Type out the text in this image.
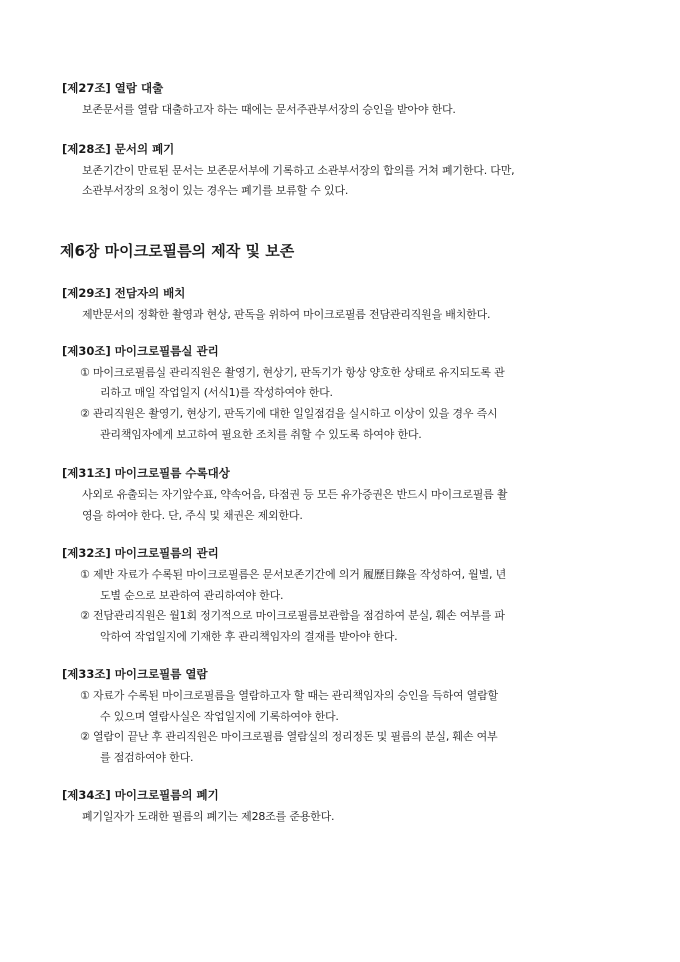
[제27조] 열람 대출
보존문서를 열람 대출하고자 하는 때에는 문서주관부서장의 승인을 받아야 한다.
[제28조] 문서의 폐기
보존기간이 만료된 문서는 보존문서부에 기록하고 소관부서장의 합의를 거쳐 폐기한다. 다만,
소관부서장의 요청이 있는 경우는 폐기를 보류할 수 있다.
제6장 마이크로필름의 제작 및 보존
[제29조] 전담자의 배치
제반문서의 정확한 촬영과 현상, 판독을 위하여 마이크로필름 전담관리직원을 배치한다.
[제30조] 마이크로필름실 관리
① 마이크로필름실 관리직원은 촬영기, 현상기, 판독기가 항상 양호한 상태로 유지되도록 관
리하고 매일 작업일지 (서식1)를 작성하여야 한다.
② 관리직원은 촬영기, 현상기, 판독기에 대한 일일점검을 실시하고 이상이 있을 경우 즉시
관리책임자에게 보고하여 필요한 조치를 취할 수 있도록 하여야 한다.
[제31조] 마이크로필름 수록대상
사외로 유출되는 자기앞수표, 약속어음, 타점권 등 모든 유가증권은 반드시 마이크로필름 촬
영을 하여야 한다. 단, 주식 및 채권은 제외한다.
[제32조] 마이크로필름의 관리
① 제반 자료가 수록된 마이크로필름은 문서보존기간에 의거 履歷目錄을 작성하여, 월별, 년
도별 순으로 보관하여 관리하여야 한다.
② 전담관리직원은 월1회 정기적으로 마이크로필름보관함을 점검하여 분실, 훼손 여부를 파
악하여 작업일지에 기재한 후 관리책임자의 결재를 받아야 한다.
[제33조] 마이크로필름 열람
① 자료가 수록된 마이크로필름을 열람하고자 할 때는 관리책임자의 승인을 득하여 열람할
수 있으며 열람사실은 작업일지에 기록하여야 한다.
② 열람이 끝난 후 관리직원은 마이크로필름 열람실의 정리정돈 및 필름의 분실, 훼손 여부
를 점검하여야 한다.
[제34조] 마이크로필름의 폐기
폐기일자가 도래한 필름의 폐기는 제28조를 준용한다.
